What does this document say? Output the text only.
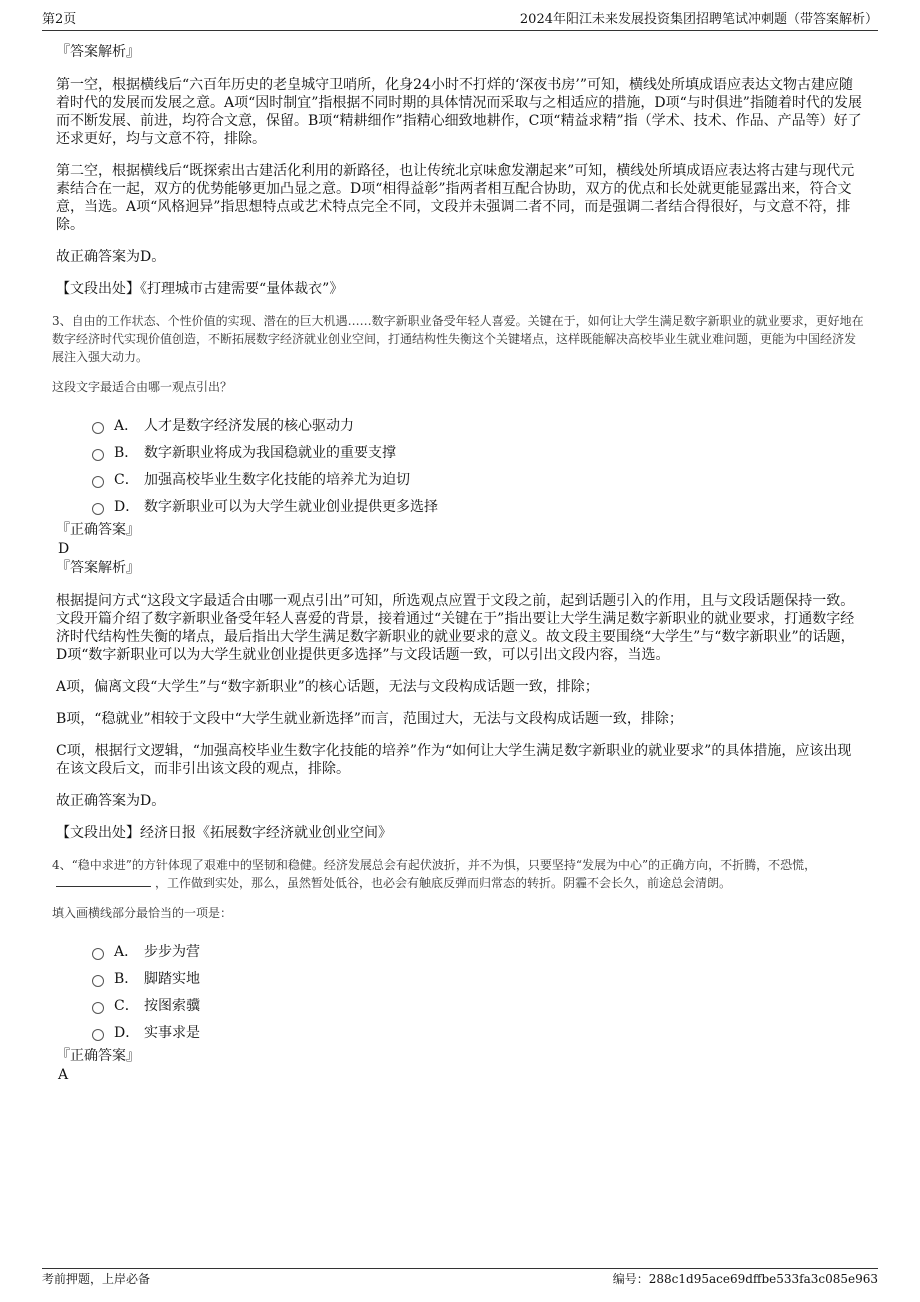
第2页	2024年阳江未来发展投资集团招聘笔试冲刺题（带答案解析）
『答案解析』

第一空，根据横线后“六百年历史的老皇城守卫哨所，化身24小时不打烊的‘深夜书房’”可知，横线处所填成语应表达文物古建应随着时代的发展而发展之意。A项“因时制宜”指根据不同时期的具体情况而采取与之相适应的措施，D项“与时俱进”指随着时代的发展而不断发展、前进，均符合文意，保留。B项“精耕细作”指精心细致地耕作，C项“精益求精”指（学术、技术、作品、产品等）好了还求更好，均与文意不符，排除。

第二空，根据横线后“既探索出古建活化利用的新路径，也让传统北京味愈发潮起来”可知，横线处所填成语应表达将古建与现代元素结合在一起，双方的优势能够更加凸显之意。D项“相得益彰”指两者相互配合协助，双方的优点和长处就更能显露出来，符合文意，当选。A项“风格迥异”指思想特点或艺术特点完全不同，文段并未强调二者不同，而是强调二者结合得很好，与文意不符，排除。

故正确答案为D。

【文段出处】《打理城市古建需要“量体裁衣”》

3、自由的工作状态、个性价值的实现、潜在的巨大机遇……数字新职业备受年轻人喜爱。关键在于，如何让大学生满足数字新职业的就业要求，更好地在数字经济时代实现价值创造，不断拓展数字经济就业创业空间，打通结构性失衡这个关键堵点，这样既能解决高校毕业生就业难问题，更能为中国经济发展注入强大动力。

这段文字最适合由哪一观点引出？

A． 人才是数字经济发展的核心驱动力
B． 数字新职业将成为我国稳就业的重要支撑
C． 加强高校毕业生数字化技能的培养尤为迫切
D． 数字新职业可以为大学生就业创业提供更多选择
『正确答案』
D
『答案解析』

根据提问方式“这段文字最适合由哪一观点引出”可知，所选观点应置于文段之前，起到话题引入的作用，且与文段话题保持一致。文段开篇介绍了数字新职业备受年轻人喜爱的背景，接着通过“关键在于”指出要让大学生满足数字新职业的就业要求，打通数字经济时代结构性失衡的堵点，最后指出大学生满足数字新职业的就业要求的意义。故文段主要围绕“大学生”与“数字新职业”的话题，D项“数字新职业可以为大学生就业创业提供更多选择”与文段话题一致，可以引出文段内容，当选。

A项，偏离文段“大学生”与“数字新职业”的核心话题，无法与文段构成话题一致，排除；

B项，“稳就业”相较于文段中“大学生就业新选择”而言，范围过大，无法与文段构成话题一致，排除；

C项，根据行文逻辑，“加强高校毕业生数字化技能的培养”作为“如何让大学生满足数字新职业的就业要求”的具体措施，应该出现在该文段后文，而非引出该文段的观点，排除。

故正确答案为D。

【文段出处】经济日报《拓展数字经济就业创业空间》

4、“稳中求进”的方针体现了艰难中的坚韧和稳健。经济发展总会有起伏波折，并不为惧，只要坚持“发展为中心”的正确方向，不折腾，不恐慌，，工作做到实处，那么，虽然暂处低谷，也必会有触底反弹而归常态的转折。阴霾不会长久，前途总会清朗。

填入画横线部分最恰当的一项是：

A． 步步为营
B． 脚踏实地
C． 按图索骥
D． 实事求是
『正确答案』
A
考前押题，上岸必备	编号：288c1d95ace69dffbe533fa3c085e963
